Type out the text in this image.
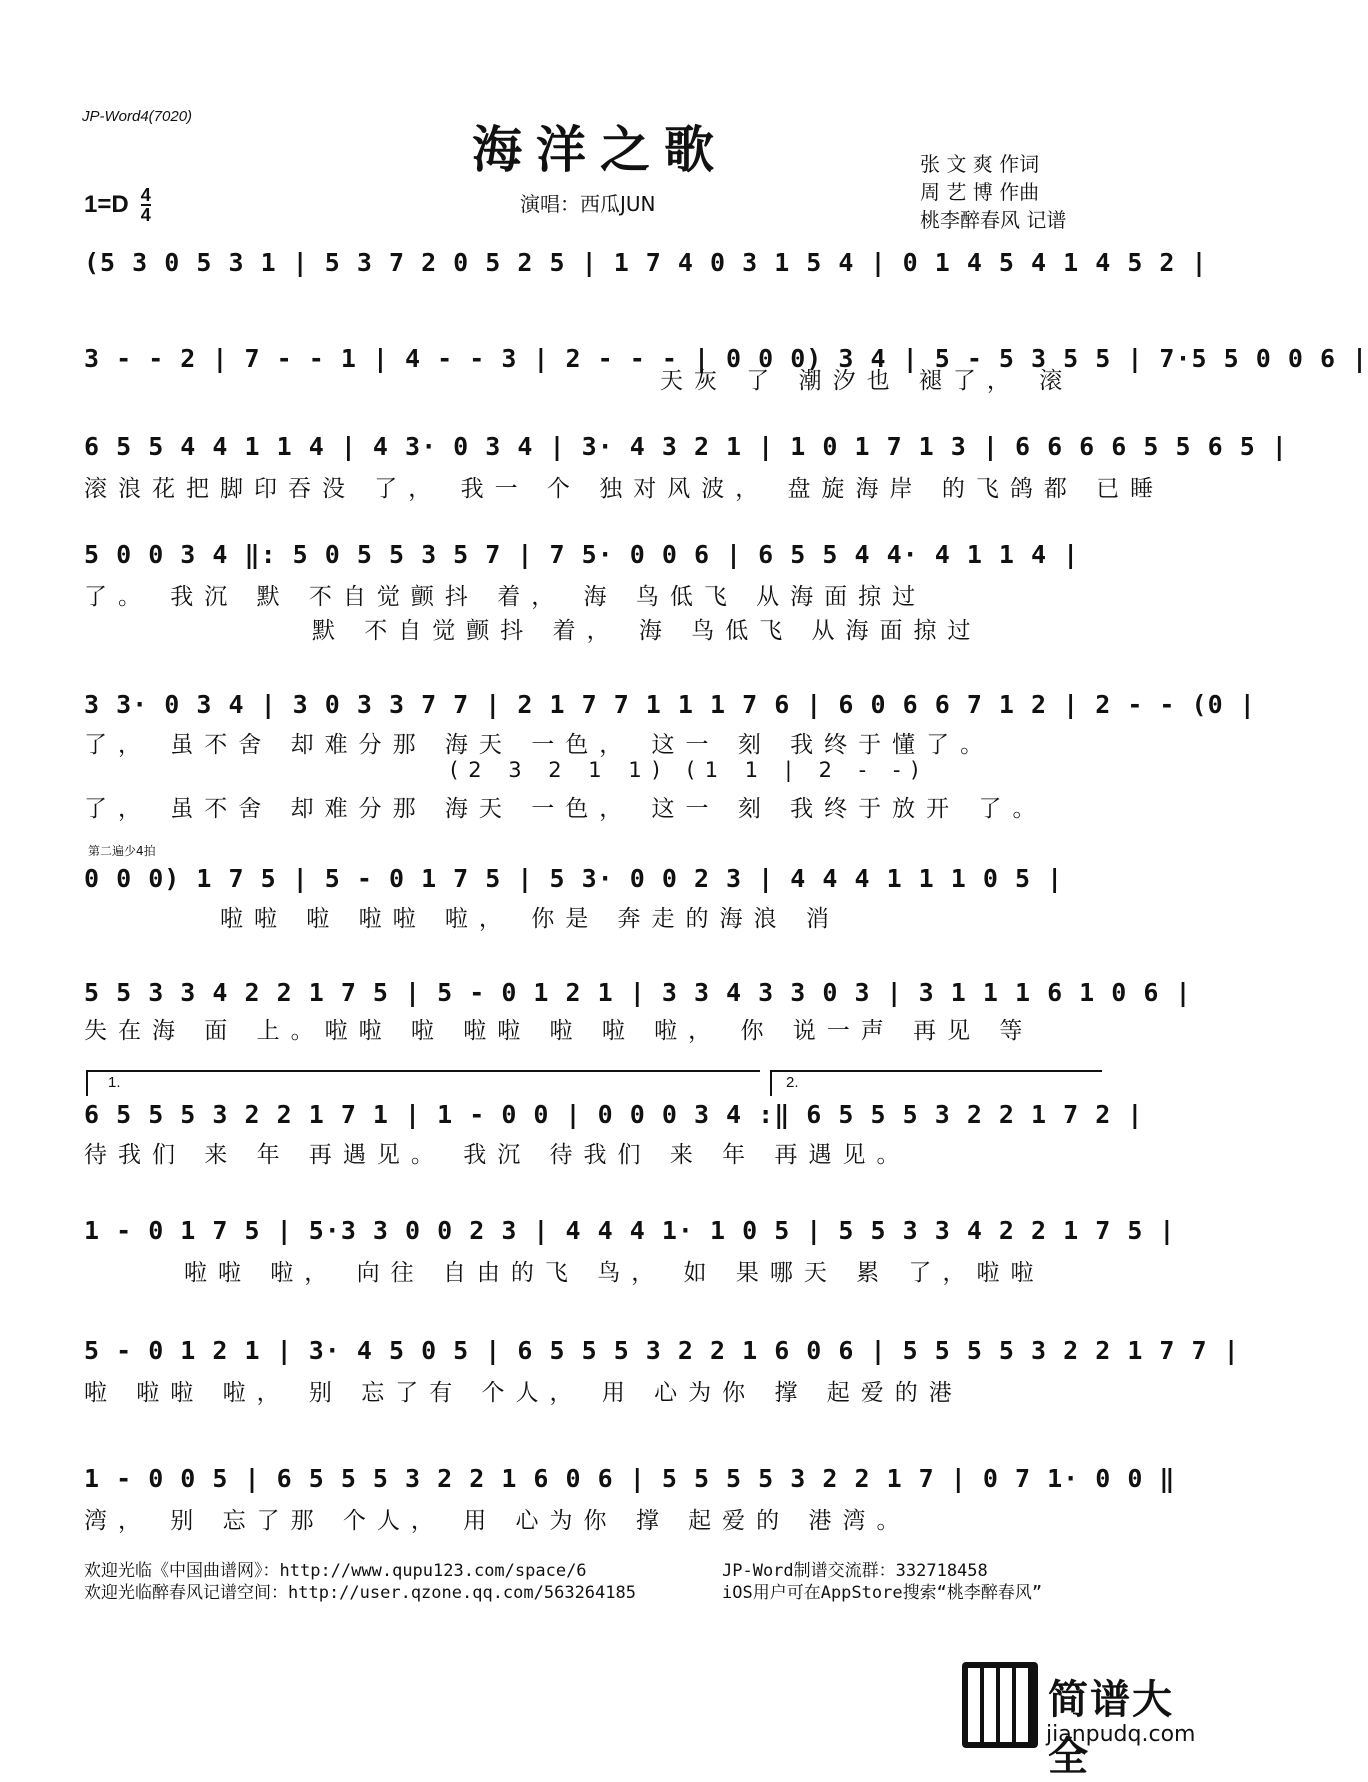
JP-Word4(7020)
海洋之歌	张 文 爽 作词
周 艺 博 作曲
桃李醉春风 记谱
1=D 4
4	演唱：西瓜JUN
(5 3 0 5 3 1 | 5 3 7 2 0 5 2 5 | 1 7 4 0 3 1 5 4 | 0 1 4 5 4 1 4 5 2 |
3 - - 2 | 7 - - 1 | 4 - - 3 | 2 - - - | 0 0 0) 3 4 | 5 - 5 3 5 5 | 7·5 5 0 0 6 |
天灰 了 潮汐也 褪了， 滚
6 5 5 4 4 1 1 4 | 4 3· 0 3 4 | 3· 4 3 2 1 | 1 0 1 7 1 3 | 6 6 6 6 5 5 6 5 |
滚浪花把脚印吞没 了， 我一 个 独对风波， 盘旋海岸 的飞鸽都 已睡
5 0 0 3 4 ‖: 5 0 5 5 3 5 7 | 7 5· 0 0 6 | 6 5 5 4 4· 4 1 1 4 |
了。 我沉 默 不自觉颤抖 着， 海 鸟低飞 从海面掠过
默 不自觉颤抖 着， 海 鸟低飞 从海面掠过
3 3· 0 3 4 | 3 0 3 3 7 7 | 2 1 7 7 1 1 1 7 6 | 6 0 6 6 7 1 2 | 2 - - (0 |
了， 虽不舍 却难分那 海天 一色， 这一 刻 我终于懂了。
(2 3 2 1 1) (1 1 | 2 - -)
了， 虽不舍 却难分那 海天 一色， 这一 刻 我终于放开 了。
第二遍少4拍
0 0 0) 1 7 5 | 5 - 0 1 7 5 | 5 3· 0 0 2 3 | 4 4 4 1 1 1 0 5 |
啦啦 啦 啦啦 啦， 你是 奔走的海浪 消
5 5 3 3 4 2 2 1 7 5 | 5 - 0 1 2 1 | 3 3 4 3 3 0 3 | 3 1 1 1 6 1 0 6 |
失在海 面 上。啦啦 啦 啦啦 啦 啦 啦， 你 说一声 再见 等
1.	2.
6 5 5 5 3 2 2 1 7 1 | 1 - 0 0 | 0 0 0 3 4 :‖ 6 5 5 5 3 2 2 1 7 2 |
待我们 来 年 再遇见。 我沉 待我们 来 年 再遇见。
1 - 0 1 7 5 | 5·3 3 0 0 2 3 | 4 4 4 1· 1 0 5 | 5 5 3 3 4 2 2 1 7 5 |
啦啦 啦， 向往 自由的飞 鸟， 如 果哪天 累 了，啦啦
5 - 0 1 2 1 | 3· 4 5 0 5 | 6 5 5 5 3 2 2 1 6 0 6 | 5 5 5 5 3 2 2 1 7 7 |
啦 啦啦 啦， 别 忘了有 个人， 用 心为你 撑 起爱的港
1 - 0 0 5 | 6 5 5 5 3 2 2 1 6 0 6 | 5 5 5 5 3 2 2 1 7 | 0 7 1· 0 0 ‖
湾， 别 忘了那 个人， 用 心为你 撑 起爱的 港湾。
欢迎光临《中国曲谱网》：http://www.qupu123.com/space/6
欢迎光临醉春风记谱空间：http://user.qzone.qq.com/563264185
JP-Word制谱交流群：332718458
iOS用户可在AppStore搜索“桃李醉春风”
简谱大全
jianpudq.com
